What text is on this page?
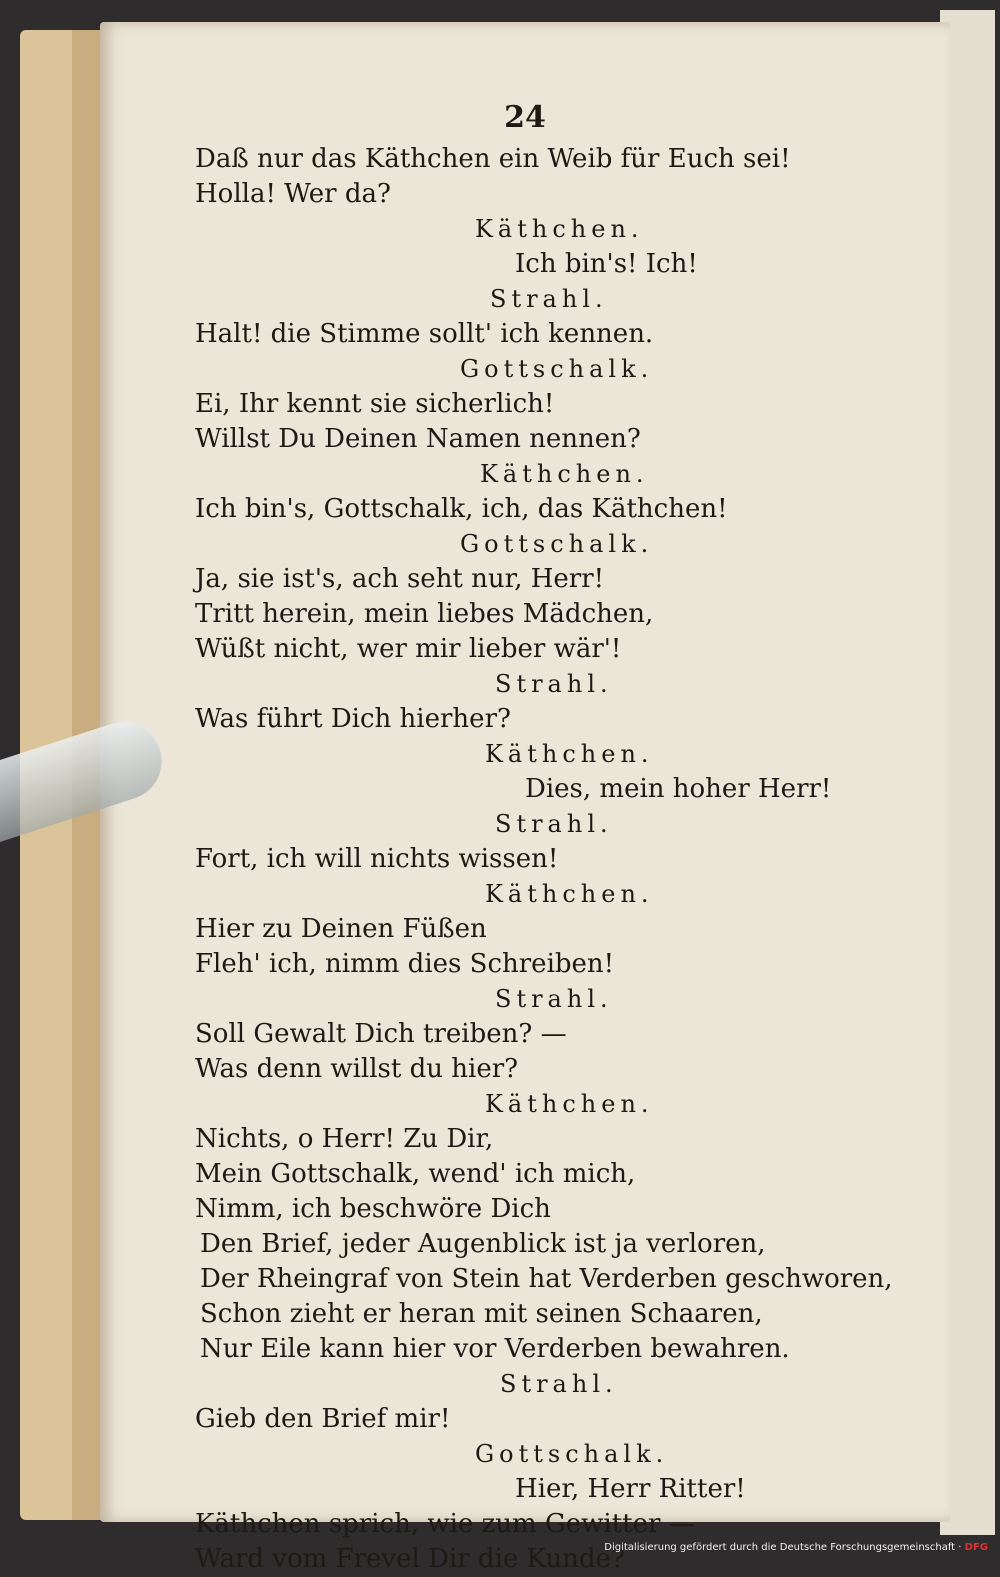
24
Daß nur das Käthchen ein Weib für Euch sei!
Holla! Wer da?
Käthchen.
Ich bin's! Ich!
Strahl.
Halt! die Stimme sollt' ich kennen.
Gottschalk.
Ei, Ihr kennt sie sicherlich!
Willst Du Deinen Namen nennen?
Käthchen.
Ich bin's, Gottschalk, ich, das Käthchen!
Gottschalk.
Ja, sie ist's, ach seht nur, Herr!
Tritt herein, mein liebes Mädchen,
Wüßt nicht, wer mir lieber wär'!
Strahl.
Was führt Dich hierher?
Käthchen.
Dies, mein hoher Herr!
Strahl.
Fort, ich will nichts wissen!
Käthchen.
Hier zu Deinen Füßen
Fleh' ich, nimm dies Schreiben!
Strahl.
Soll Gewalt Dich treiben? —
Was denn willst du hier?
Käthchen.
Nichts, o Herr! Zu Dir,
Mein Gottschalk, wend' ich mich,
Nimm, ich beschwöre Dich
Den Brief, jeder Augenblick ist ja verloren,
Der Rheingraf von Stein hat Verderben geschworen,
Schon zieht er heran mit seinen Schaaren,
Nur Eile kann hier vor Verderben bewahren.
Strahl.
Gieb den Brief mir!
Gottschalk.
Hier, Herr Ritter!
Käthchen sprich, wie zum Gewitter —
Ward vom Frevel Dir die Kunde?
Digitalisierung gefördert durch die Deutsche Forschungsgemeinschaft · DFG
